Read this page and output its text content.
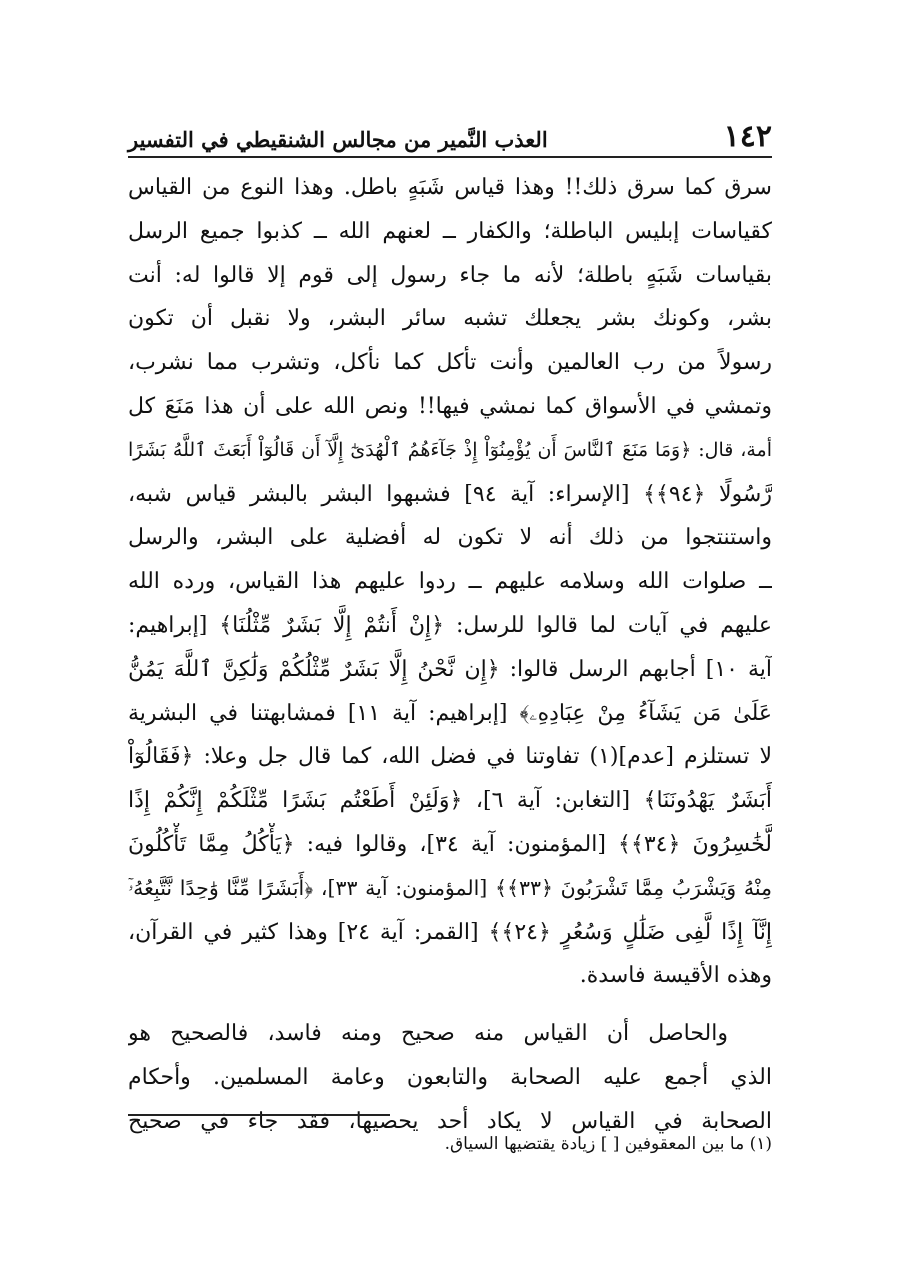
١٤٢
العذب النَّمير من مجالس الشنقيطي في التفسير
سرق كما سرق ذلك!! وهذا قياس شَبَهٍ باطل. وهذا النوع من القياس
كقياسات إبليس الباطلة؛ والكفار ــ لعنهم الله ــ كذبوا جميع الرسل
بقياسات شَبَهٍ باطلة؛ لأنه ما جاء رسول إلى قوم إلا قالوا له: أنت
بشر، وكونك بشر يجعلك تشبه سائر البشر، ولا نقبل أن تكون
رسولاً من رب العالمين وأنت تأكل كما نأكل، وتشرب مما نشرب،
وتمشي في الأسواق كما نمشي فيها!! ونص الله على أن هذا مَنَعَ كل
أمة، قال: ﴿وَمَا مَنَعَ ٱلنَّاسَ أَن يُؤْمِنُوٓاْ إِذْ جَآءَهُمُ ٱلْهُدَىٰٓ إِلَّآ أَن قَالُوٓاْ أَبَعَثَ ٱللَّهُ بَشَرًا
رَّسُولًا ﴿٩٤﴾﴾ [الإسراء: آية ٩٤] فشبهوا البشر بالبشر قياس شبه،
واستنتجوا من ذلك أنه لا تكون له أفضلية على البشر، والرسل
ــ صلوات الله وسلامه عليهم ــ ردوا عليهم هذا القياس، ورده الله
عليهم في آيات لما قالوا للرسل: ﴿إِنْ أَنتُمْ إِلَّا بَشَرٌ مِّثْلُنَا﴾ [إبراهيم:
آية ١٠] أجابهم الرسل قالوا: ﴿إِن نَّحْنُ إِلَّا بَشَرٌ مِّثْلُكُمْ وَلَٰكِنَّ ٱللَّهَ يَمُنُّ
عَلَىٰ مَن يَشَآءُ مِنْ عِبَادِهِۦ﴾ [إبراهيم: آية ١١] فمشابهتنا في البشرية
لا تستلزم [عدم](١) تفاوتنا في فضل الله، كما قال جل وعلا: ﴿فَقَالُوٓاْ
أَبَشَرٌ يَهْدُونَنَا﴾ [التغابن: آية ٦]، ﴿وَلَئِنْ أَطَعْتُم بَشَرًا مِّثْلَكُمْ إِنَّكُمْ إِذًا
لَّخَٰسِرُونَ ﴿٣٤﴾﴾ [المؤمنون: آية ٣٤]، وقالوا فيه: ﴿يَأْكُلُ مِمَّا تَأْكُلُونَ
مِنْهُ وَيَشْرَبُ مِمَّا تَشْرَبُونَ ﴿٣٣﴾﴾ [المؤمنون: آية ٣٣]، ﴿أَبَشَرًا مِّنَّا وَٰحِدًا نَّتَّبِعُهُۥٓ
إِنَّآ إِذًا لَّفِى ضَلَٰلٍ وَسُعُرٍ ﴿٢٤﴾﴾ [القمر: آية ٢٤] وهذا كثير في القرآن،
وهذه الأقيسة فاسدة.
والحاصل أن القياس منه صحيح ومنه فاسد، فالصحيح هو
الذي أجمع عليه الصحابة والتابعون وعامة المسلمين. وأحكام
الصحابة في القياس لا يكاد أحد يحصيها، فقد جاء في صحيح
(١) ما بين المعقوفين [ ] زيادة يقتضيها السياق.
